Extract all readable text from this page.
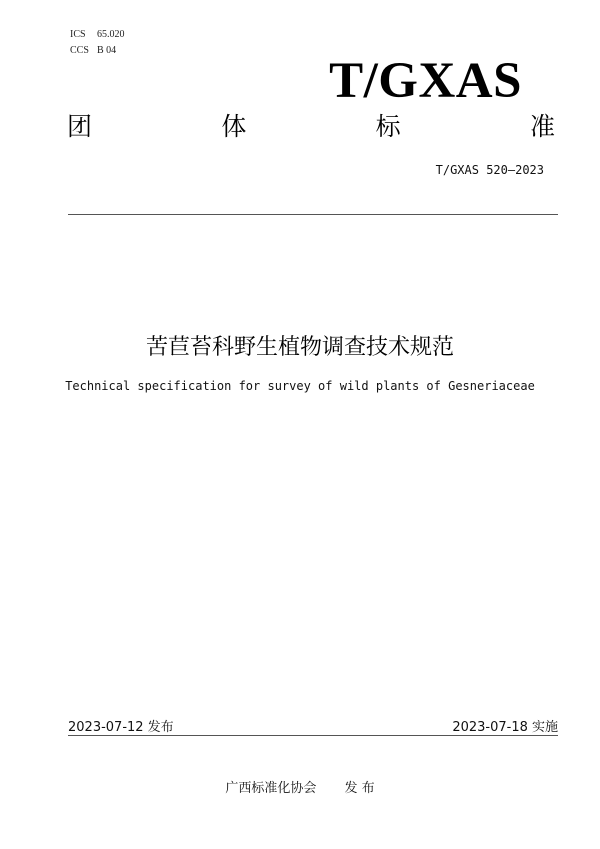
ICS 65.020
CCS B 04
T/GXAS
团	体	标	准
T/GXAS 520—2023
苦苣苔科野生植物调查技术规范
Technical specification for survey of wild plants of Gesneriaceae
2023-07-12 发布	2023-07-18 实施
广西标准化协会 发 布
